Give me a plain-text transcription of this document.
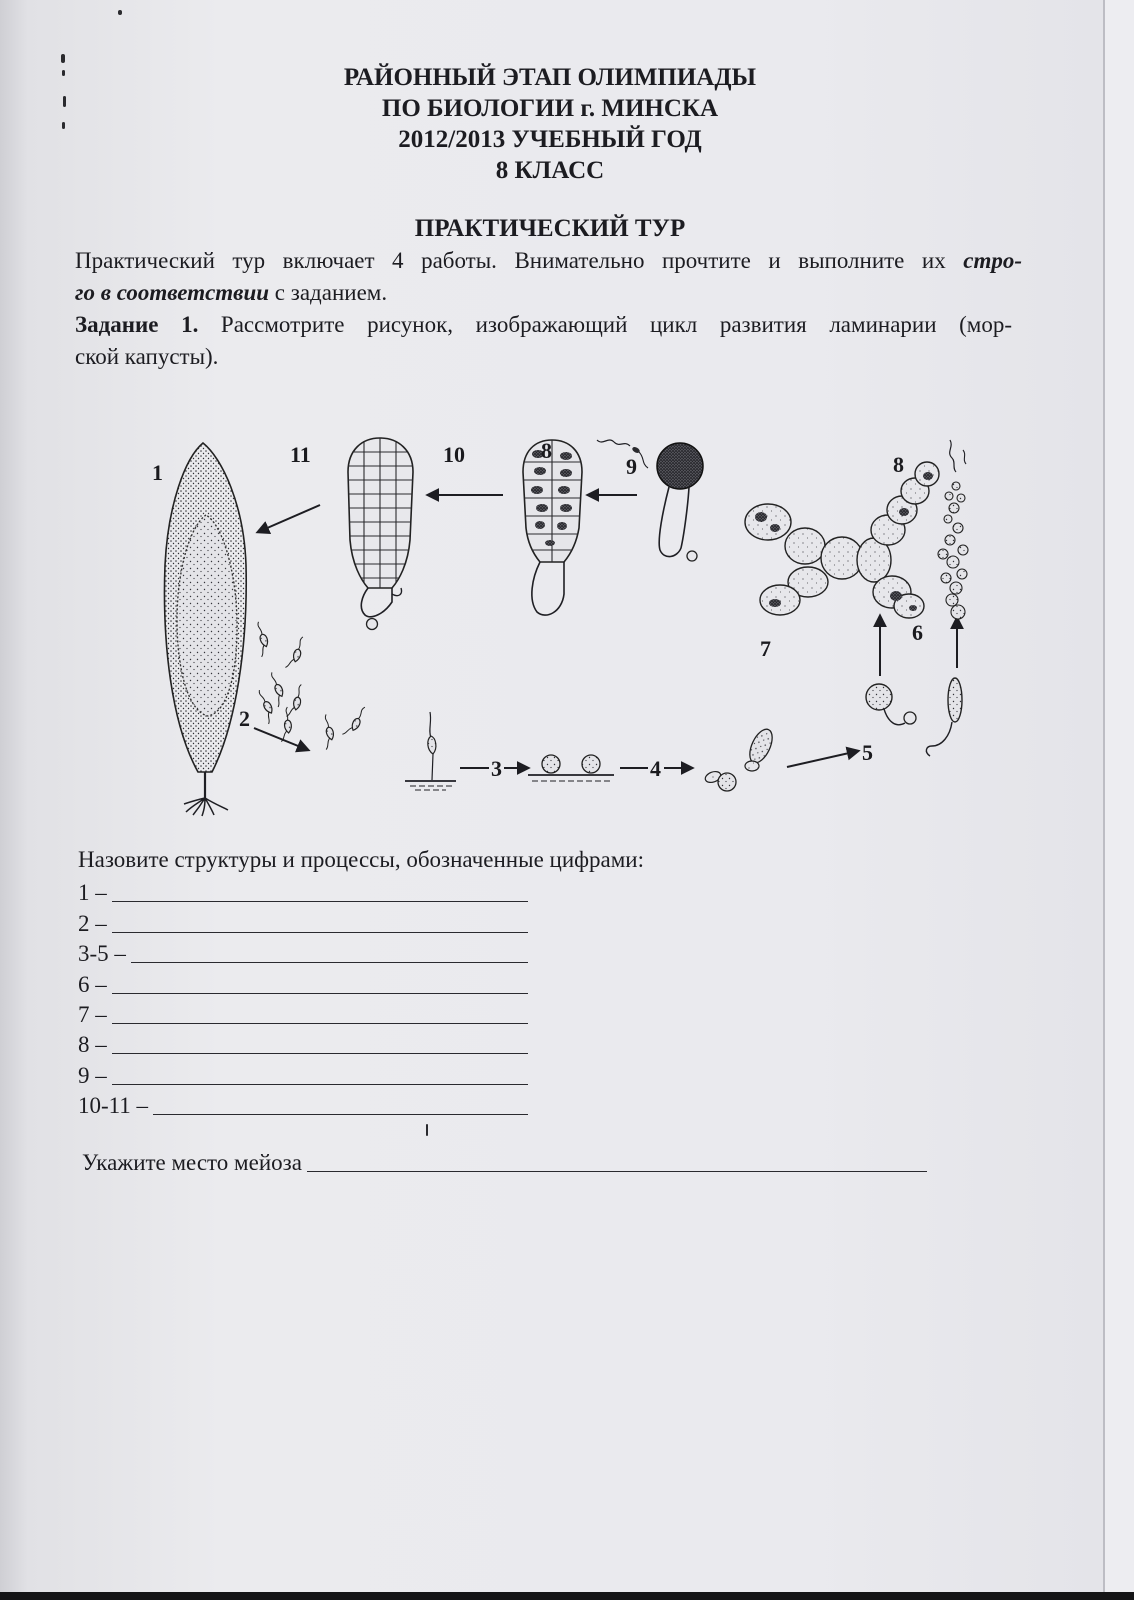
РАЙОННЫЙ ЭТАП ОЛИМПИАДЫ
ПО БИОЛОГИИ г. МИНСКА
2012/2013 УЧЕБНЫЙ ГОД
8 КЛАСС
ПРАКТИЧЕСКИЙ ТУР
Практический тур включает 4 работы. Внимательно прочтите и выполните их стро-
го в соответствии с заданием.
Задание 1. Рассмотрите рисунок, изображающий цикл развития ламинарии (мор-
ской капусты).
1
2
3	4
5
6
7
8
9
8
10
11
Назовите структуры и процессы, обозначенные цифрами:
1 –
2 –
3-5 –
6 –
7 –
8 –
9 –
10-11 –
Укажите место мейоза
